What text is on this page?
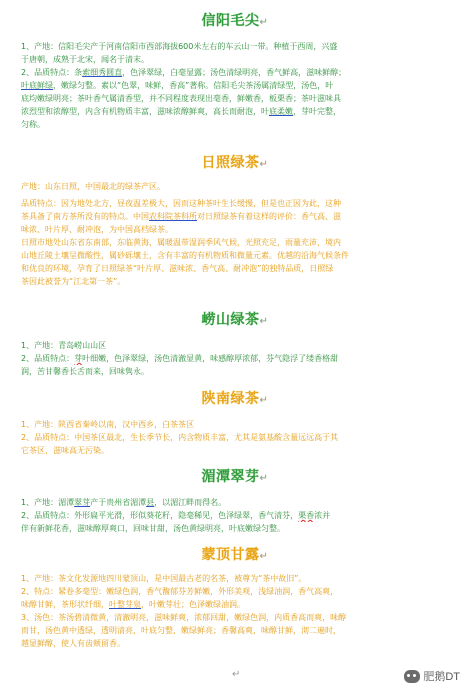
信阳毛尖↵

1、产地：信阳毛尖产于河南信阳市西部海拔600米左右的车云山一带。种植于西周，兴盛

于唐朝，成熟于北宋，闻名于清末。

2、品质特点：条索细秀圆直，色泽翠绿，白毫显露；汤色清绿明亮，香气鲜高，滋味鲜醇；

叶底鲜绿，嫩绿匀整。素以“色翠，味鲜，香高”著称。信阳毛尖茶汤属清绿型，汤色，叶

底均嫩绿明亮；茶叶香气属清香型，并不同程度表现出毫香，鲜嫩香，板栗香；茶叶滋味具

浓烈型和浓醇型，内含有机物质丰富，滋味浓醇鲜爽，高长而耐泡，叶底柔嫩，芽叶完整，

匀称。

日照绿茶↵

产地：山东日照，中国最北的绿茶产区。

品质特点：因为地处北方，昼夜温差极大，因而这种茶叶生长缓慢，但是也正因为此，这种

茶具备了南方茶所没有的特点。中国农科院茶科所对日照绿茶有着这样的评价：香气高、滋

味浓、叶片厚、耐冲泡，为中国高档绿茶。

日照市地处山东省东南部，东临黄海，属暖温带湿润季风气候，光照充足，雨量充沛，境内

山地丘陵土壤呈微酸性，属砂砾壤土，含有丰富的有机物质和微量元素。优越的沿海气候条件

和优良的环境，孕育了日照绿茶“叶片厚、滋味浓、香气高、耐冲泡”的独特品质，日照绿

茶因此被誉为“江北第一茶”。

崂山绿茶↵

1、产地：青岛崂山山区

2、品质特点：芽叶细嫩，色泽翠绿，汤色清澈显黄，味感醇厚浓郁，芬气隐浮了缕香格甜

润，苦甘馨香长舌而来，回味隽永。

陕南绿茶↵

1、产地：陕西省秦岭以南，汉中西乡，白茶茶区

2、品质特点：中国茶区最北，生长季节长，内含物质丰富，尤其是氨基酸含量远远高于其

它茶区，滋味高无污染。

湄潭翠芽↵

1、产地：湄潭翠芽产于贵州省湄潭县，以湄江畔而得名。

2、品质特点：外形扁平光滑，形似葵花籽，隐毫稀见，色泽绿翠，香气清芬，栗香浓并

伴有新鲜花香，滋味醇厚爽口，回味甘甜，汤色黄绿明亮，叶底嫩绿匀整。

蒙顶甘露↵

1、产地：茶文化发源地四川蒙顶山，是中国最古老的名茶，被尊为“茶中故旧”。

2、特点：紧卷多毫型：嫩绿色润，香气馥郁芬芳鲜嫩，外形美观，浅绿油润，香气高爽，

味醇甘鲜，茶形状纤细，叶整芽泉，叶嫩芽壮；色泽嫩绿油润。

3、汤色：茶汤碧清微黄，清澈明亮，滋味鲜爽，浓郁回甜，嫩绿色润，内质香高而爽，味醇

而甘，汤色黄中透绿，透明清亮，叶底匀整，嫩绿鲜亮；香馨高爽，味醇甘鲜，沏二遍时，

越显鲜醇，使人有齿颊留香。

↵	肥鹅DT
